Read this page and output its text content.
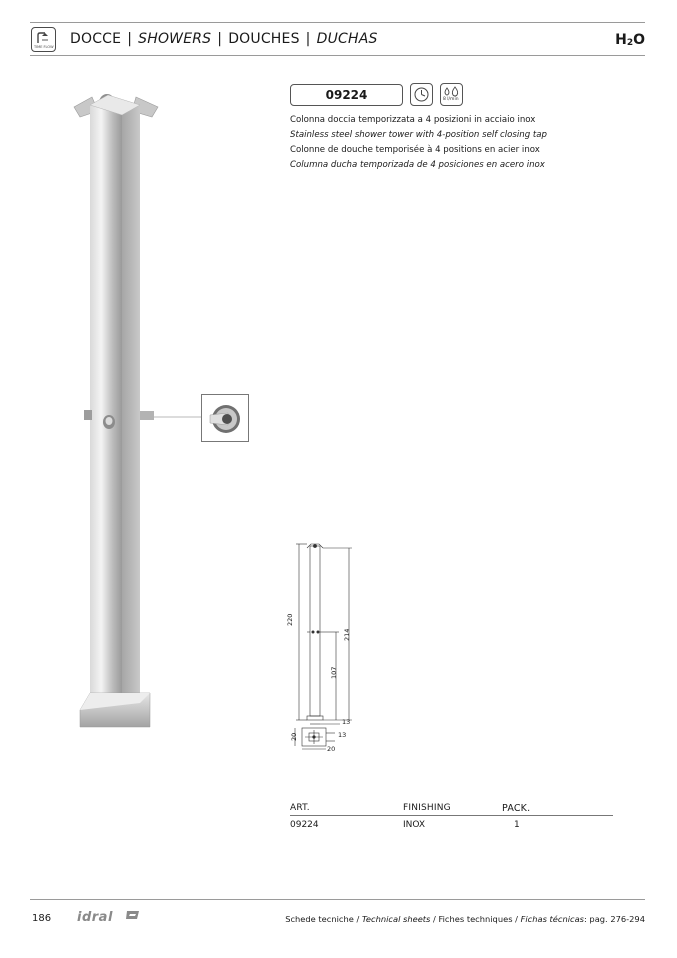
TIME FLOW DOCCE | SHOWERS | DOUCHES | DUCHAS	$H_2O$
09224	8 l/min
Colonna doccia temporizzata a 4 posizioni in acciaio inox
Stainless steel shower tower with 4-position self closing tap
Colonne de douche temporisée à 4 positions en acier inox
Columna ducha temporizada de 4 posiciones en acero inox
220
214
107
13
20	13
20
ART.	FINISHING	PACK.
09224	INOX	1
186 idral	Schede tecniche / Technical sheets / Fiches techniques / Fichas técnicas: pag. 276-294
